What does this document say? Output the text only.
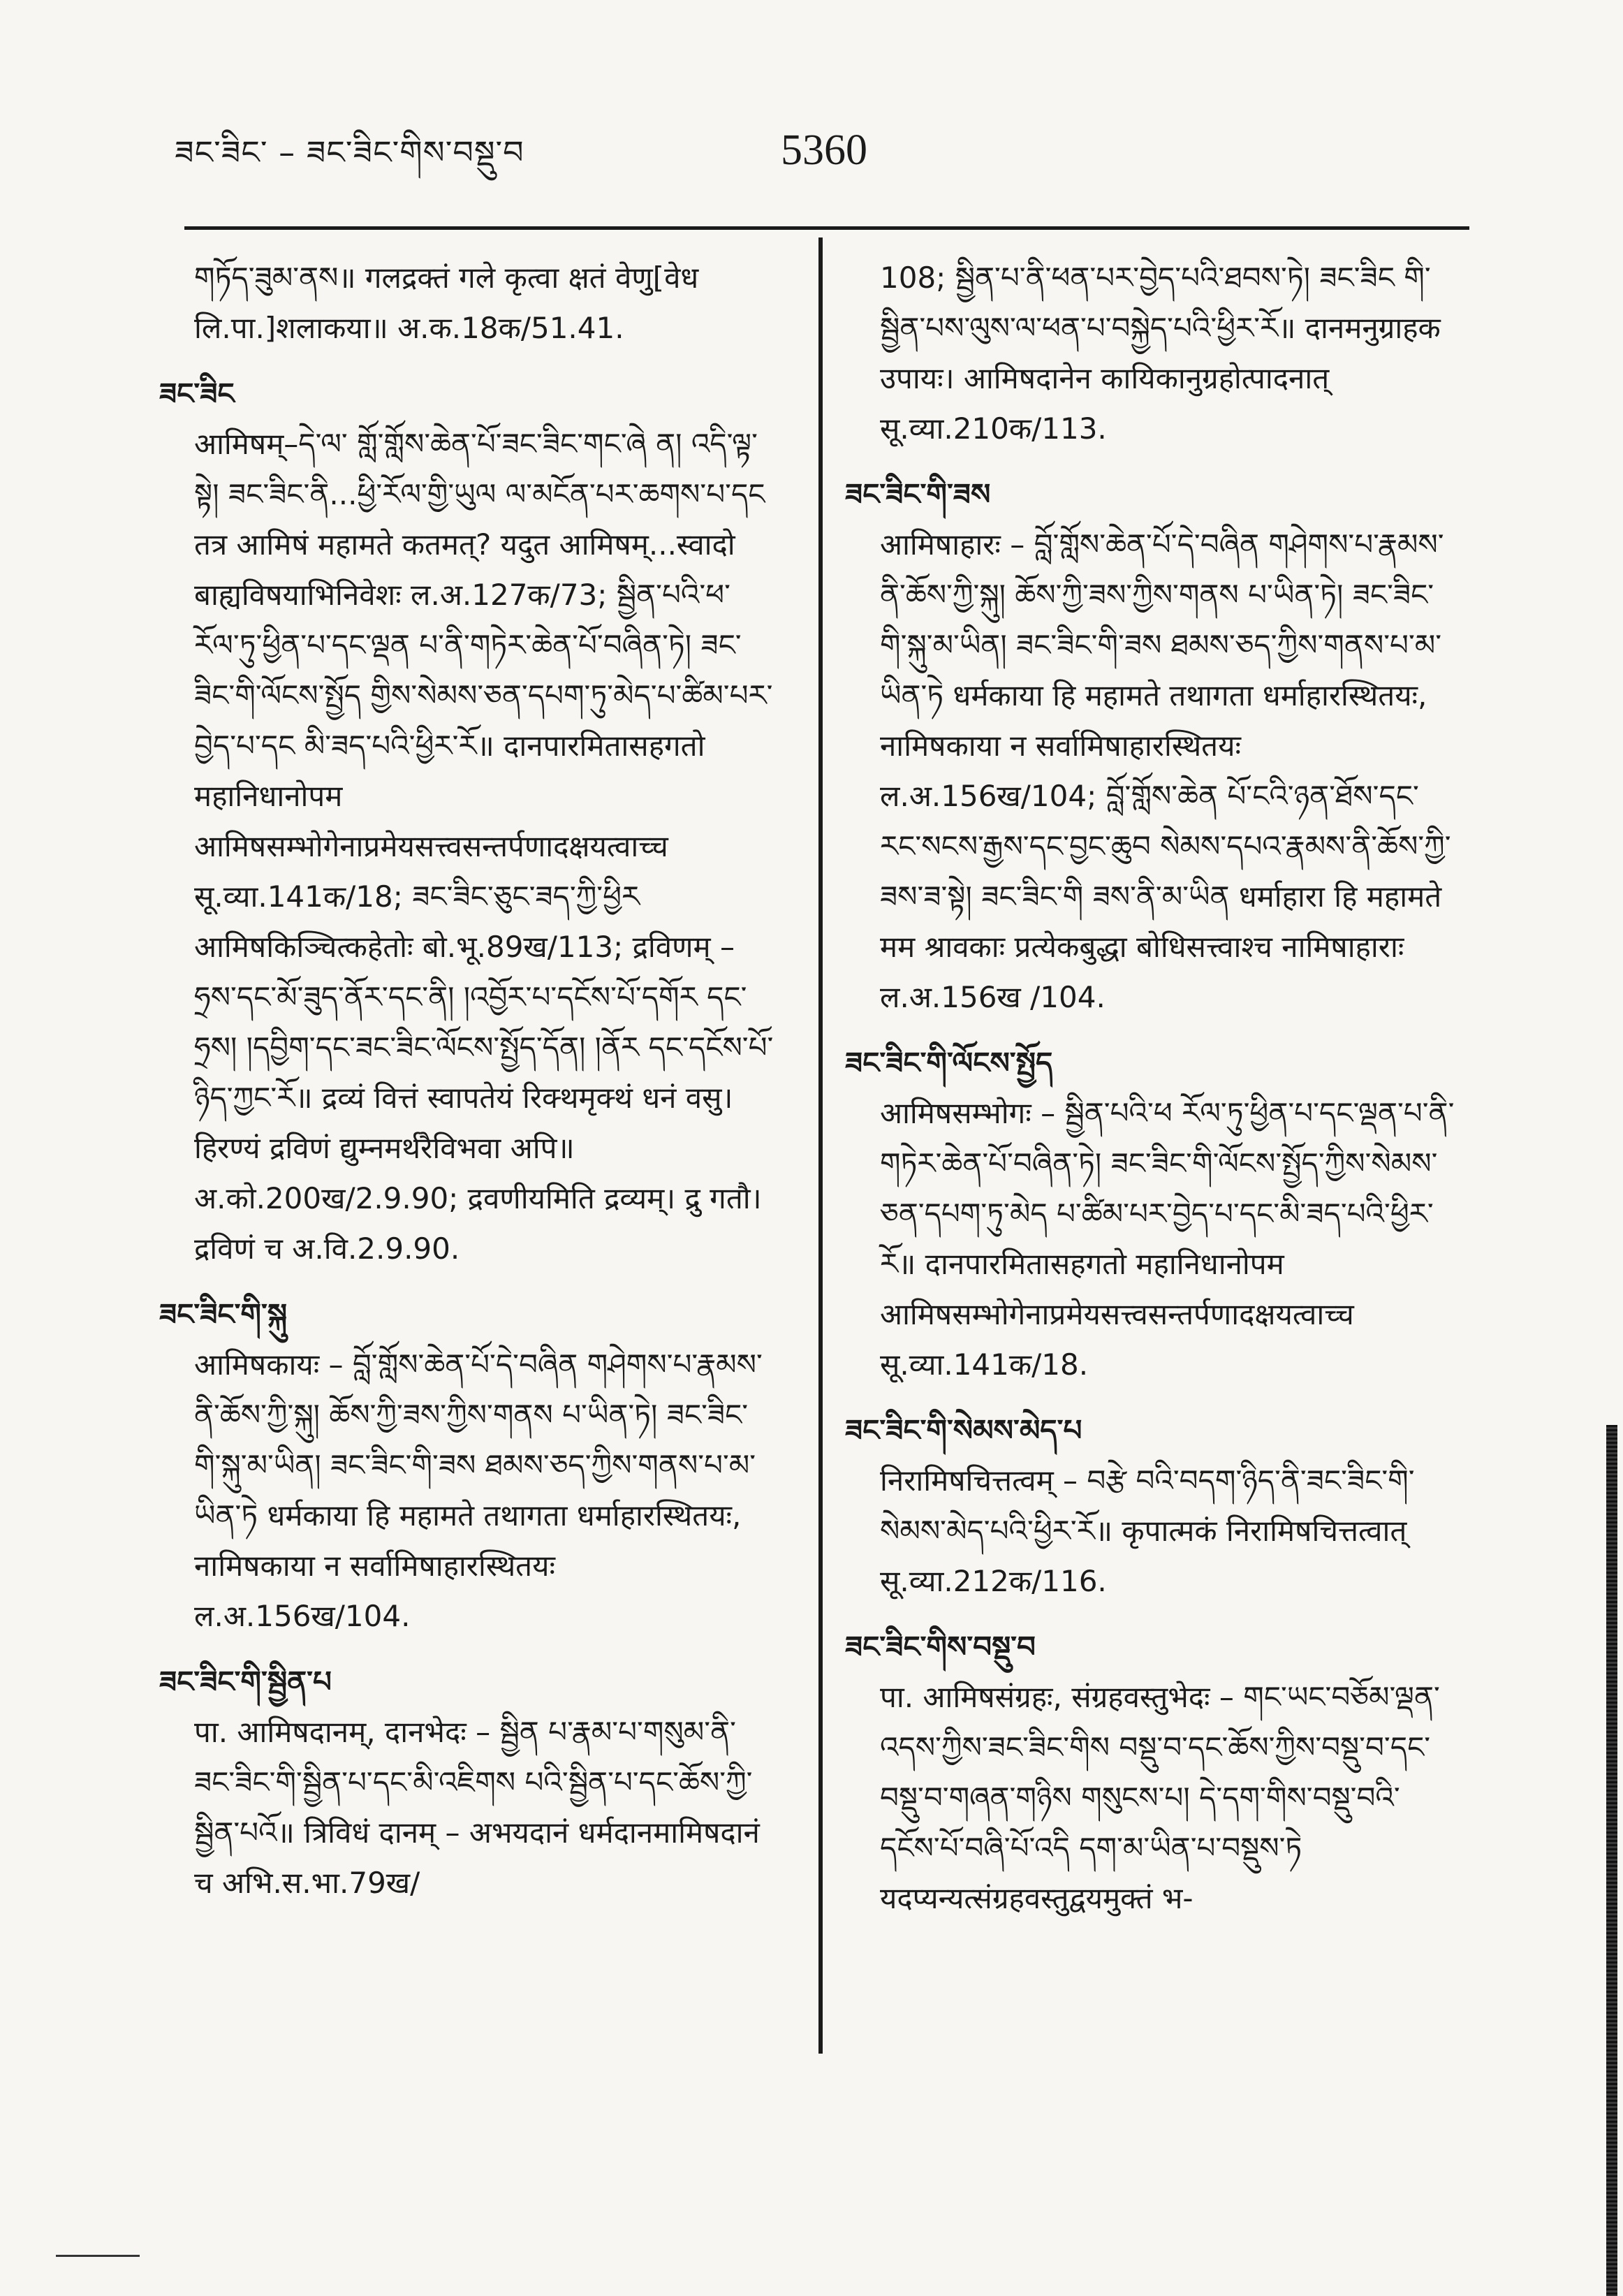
ཟང་ཟིང་ – ཟང་ཟིང་གིས་བསྡུ་བ	5360

གཏོད་ཟུམ་ནས॥ गलद्रक्तं गले कृत्वा क्षतं वेणु[वेध लि.पा.]शलाकया॥ अ.क.18क/51.41.

ཟང་ཟིང
आमिषम्–དེ་ལ་ གློ་གློས་ཆེན་པོ་ཟང་ཟིང་གང་ཞེ ན། འདི་ལྟ་སྟེ། ཟང་ཟིང་ནི...ཕྱི་རོལ་གྱི་ཡུལ ལ་མངོན་པར་ཆགས་པ་དང तत्र आमिषं महामते कतमत्? यदुत आमिषम्...स्वादो बाह्यविषयाभिनिवेशः ल.अ.127क/73; སྦྱིན་པའི་ཕ་རོལ་ཏུ་ཕྱིན་པ་དང་ལྡན པ་ནི་གཏེར་ཆེན་པོ་བཞིན་ཏེ། ཟང་ཟིང་གི་ལོངས་སྤྱོད གྱིས་སེམས་ཅན་དཔག་ཏུ་མེད་པ་ཚིམ་པར་བྱེད་པ་དང མི་ཟད་པའི་ཕྱིར་རོ॥ दानपारमितासहगतो महानिधानोपम आमिषसम्भोगेनाप्रमेयसत्त्वसन्तर्पणादक्षयत्वाच्च सू.व्या.141क/18; ཟང་ཟིང་ཅུང་ཟད་ཀྱི་ཕྱིར आमिषकिञ्चित्कहेतोः बो.भू.89ख/113; द्रविणम् – ཧྲས་དང་མོ་ཟུད་ནོར་དང་ནི། །འབྱོར་པ་དངོས་པོ་དགོར དང་ཧྲས། །དབྱིག་དང་ཟང་ཟིང་ལོངས་སྤྱོད་དོན། །ནོར དང་དངོས་པོ་ཉིད་ཀྱང་རོ॥ द्रव्यं वित्तं स्वापतेयं रिक्थमृक्थं धनं वसु। हिरण्यं द्रविणं द्युम्नमर्थरैविभवा अपि॥ अ.को.200ख/2.9.90; द्रवणीयमिति द्रव्यम्। द्रु गतौ। द्रविणं च अ.वि.2.9.90.

ཟང་ཟིང་གི་སྐུ
आमिषकायः – བློ་གློས་ཆེན་པོ་དེ་བཞིན གཤེགས་པ་རྣམས་ནི་ཆོས་ཀྱི་སྐུ། ཆོས་ཀྱི་ཟས་ཀྱིས་གནས པ་ཡིན་ཏེ། ཟང་ཟིང་གི་སྐུ་མ་ཡིན། ཟང་ཟིང་གི་ཟས ཐམས་ཅད་ཀྱིས་གནས་པ་མ་ཡིན་ཏེ धर्मकाया हि महामते तथागता धर्माहारस्थितयः, नामिषकाया न सर्वामिषाहारस्थितयः ल.अ.156ख/104.

ཟང་ཟིང་གི་སྦྱིན་པ
पा. आमिषदानम्, दानभेदः – སྦྱིན པ་རྣམ་པ་གསུམ་ནི་ཟང་ཟིང་གི་སྦྱིན་པ་དང་མི་འཇིགས པའི་སྦྱིན་པ་དང་ཆོས་ཀྱི་སྦྱིན་པའོ॥ त्रिविधं दानम् – अभयदानं धर्मदानमामिषदानं च अभि.स.भा.79ख/

108; སྦྱིན་པ་ནི་ཕན་པར་བྱེད་པའི་ཐབས་ཏེ། ཟང་ཟིང གི་སྦྱིན་པས་ལུས་ལ་ཕན་པ་བསྐྱེད་པའི་ཕྱིར་རོ॥ दानमनुग्राहक उपायः। आमिषदानेन कायिकानुग्रहोत्पादनात् सू.व्या.210क/113.

ཟང་ཟིང་གི་ཟས
आमिषाहारः – བློ་གློས་ཆེན་པོ་དེ་བཞིན གཤེགས་པ་རྣམས་ནི་ཆོས་ཀྱི་སྐུ། ཆོས་ཀྱི་ཟས་ཀྱིས་གནས པ་ཡིན་ཏེ། ཟང་ཟིང་གི་སྐུ་མ་ཡིན། ཟང་ཟིང་གི་ཟས ཐམས་ཅད་ཀྱིས་གནས་པ་མ་ཡིན་ཏེ धर्मकाया हि महामते तथागता धर्माहारस्थितयः, नामिषकाया न सर्वामिषाहारस्थितयः ल.अ.156ख/104; བློ་གློས་ཆེན པོ་ངའི་ཉན་ཐོས་དང་རང་སངས་རྒྱས་དང་བྱང་ཆུབ སེམས་དཔའ་རྣམས་ནི་ཆོས་ཀྱི་ཟས་ཟ་སྟེ། ཟང་ཟིང་གི ཟས་ནི་མ་ཡིན धर्माहारा हि महामते मम श्रावकाः प्रत्येकबुद्धा बोधिसत्त्वाश्च नामिषाहाराः ल.अ.156ख /104.

ཟང་ཟིང་གི་ལོངས་སྤྱོད
आमिषसम्भोगः – སྦྱིན་པའི་ཕ རོལ་ཏུ་ཕྱིན་པ་དང་ལྡན་པ་ནི་གཏེར་ཆེན་པོ་བཞིན་ཏེ། ཟང་ཟིང་གི་ལོངས་སྤྱོད་ཀྱིས་སེམས་ཅན་དཔག་ཏུ་མེད པ་ཚིམ་པར་བྱེད་པ་དང་མི་ཟད་པའི་ཕྱིར་རོ॥ दानपारमितासहगतो महानिधानोपम आमिषसम्भोगेनाप्रमेयसत्त्वसन्तर्पणादक्षयत्वाच्च सू.व्या.141क/18.

ཟང་ཟིང་གི་སེམས་མེད་པ
निरामिषचित्तत्वम् – བརྩེ བའི་བདག་ཉིད་ནི་ཟང་ཟིང་གི་སེམས་མེད་པའི་ཕྱིར་རོ॥ कृपात्मकं निरामिषचित्तत्वात् सू.व्या.212क/116.

ཟང་ཟིང་གིས་བསྡུ་བ
पा. आमिषसंग्रहः, संग्रहवस्तुभेदः – གང་ཡང་བཅོམ་ལྡན་འདས་ཀྱིས་ཟང་ཟིང་གིས བསྡུ་བ་དང་ཆོས་ཀྱིས་བསྡུ་བ་དང་བསྡུ་བ་གཞན་གཉིས གསུངས་པ། དེ་དག་གིས་བསྡུ་བའི་དངོས་པོ་བཞི་པོ་འདི དག་མ་ཡིན་པ་བསྡུས་ཏེ यदप्यन्यत्संग्रहवस्तुद्वयमुक्तं भ-
